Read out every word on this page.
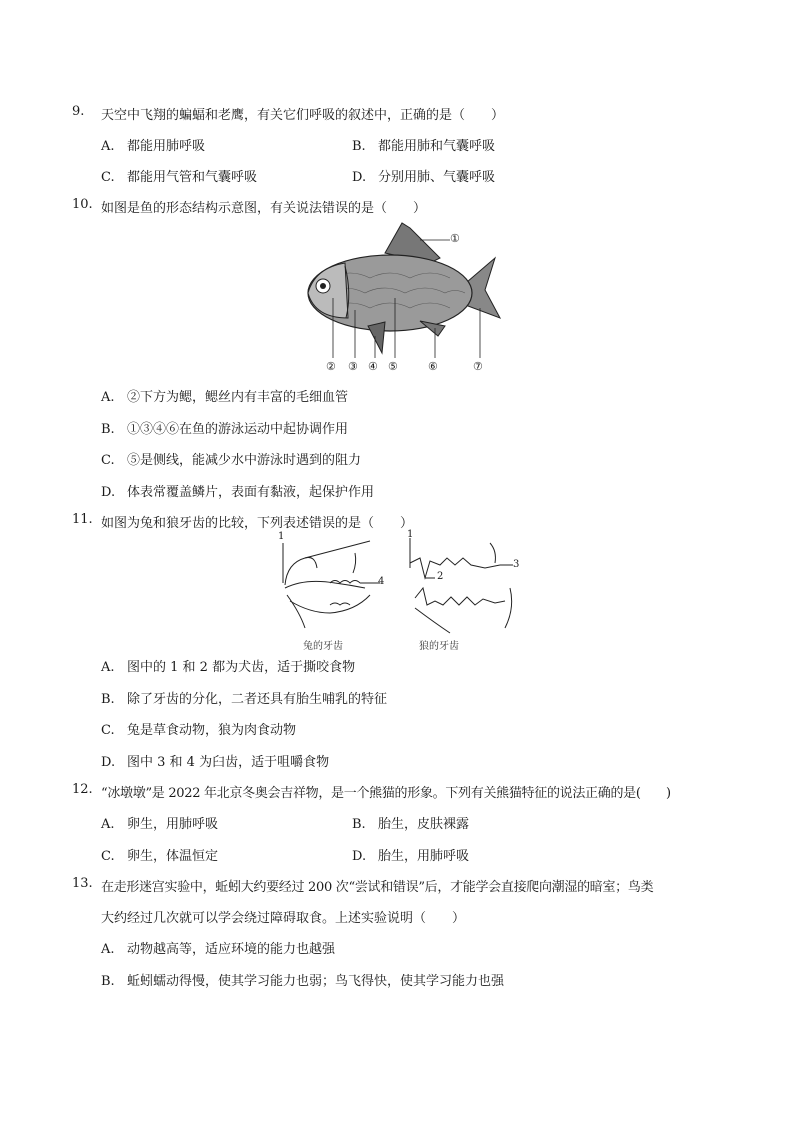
9. 天空中飞翔的蝙蝠和老鹰，有关它们呼吸的叙述中，正确的是（　　）
A. 都能用肺呼吸	B. 都能用肺和气囊呼吸
C. 都能用气管和气囊呼吸	D. 分别用肺、气囊呼吸
10. 如图是鱼的形态结构示意图，有关说法错误的是（　　）
①
② ③ ④ ⑤	⑥	⑦
A. ②下方为鳃，鳃丝内有丰富的毛细血管
B. ①③④⑥在鱼的游泳运动中起协调作用
C. ⑤是侧线，能减少水中游泳时遇到的阻力
D. 体表常覆盖鳞片，表面有黏液，起保护作用
11. 如图为兔和狼牙齿的比较，下列表述错误的是（　　）
1
4
兔的牙齿
1
2
3
狼的牙齿
A. 图中的 1 和 2 都为犬齿，适于撕咬食物
B. 除了牙齿的分化，二者还具有胎生哺乳的特征
C. 兔是草食动物，狼为肉食动物
D. 图中 3 和 4 为臼齿，适于咀嚼食物
12. “冰墩墩”是 2022 年北京冬奥会吉祥物，是一个熊猫的形象。下列有关熊猫特征的说法正确的是(　　)
A. 卵生，用肺呼吸	B. 胎生，皮肤裸露
C. 卵生，体温恒定	D. 胎生，用肺呼吸
13. 在走形迷宫实验中，蚯蚓大约要经过 200 次“尝试和错误”后，才能学会直接爬向潮湿的暗室；鸟类
大约经过几次就可以学会绕过障碍取食。上述实验说明（　　）
A. 动物越高等，适应环境的能力也越强
B. 蚯蚓蠕动得慢，使其学习能力也弱；鸟飞得快，使其学习能力也强
